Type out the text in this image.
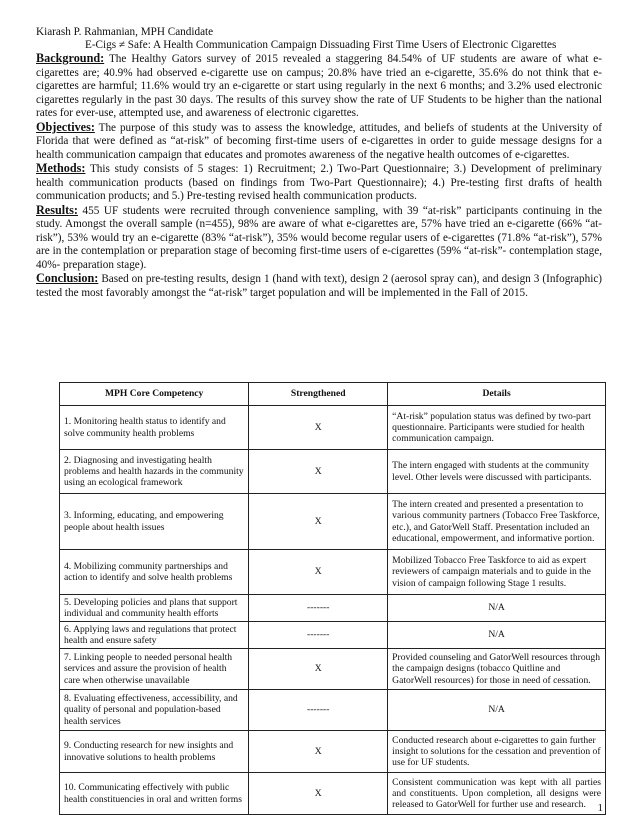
Kiarash P. Rahmanian, MPH Candidate
E-Cigs ≠ Safe: A Health Communication Campaign Dissuading First Time Users of Electronic Cigarettes

Background: The Healthy Gators survey of 2015 revealed a staggering 84.54% of UF students are aware of what e-cigarettes are; 40.9% had observed e-cigarette use on campus; 20.8% have tried an e-cigarette, 35.6% do not think that e-cigarettes are harmful; 11.6% would try an e-cigarette or start using regularly in the next 6 months; and 3.2% used electronic cigarettes regularly in the past 30 days. The results of this survey show the rate of UF Students to be higher than the national rates for ever-use, attempted use, and awareness of electronic cigarettes.

Objectives: The purpose of this study was to assess the knowledge, attitudes, and beliefs of students at the University of Florida that were defined as “at-risk” of becoming first-time users of e-cigarettes in order to guide message designs for a health communication campaign that educates and promotes awareness of the negative health outcomes of e-cigarettes.

Methods: This study consists of 5 stages: 1) Recruitment; 2.) Two-Part Questionnaire; 3.) Development of preliminary health communication products (based on findings from Two-Part Questionnaire); 4.) Pre-testing first drafts of health communication products; and 5.) Pre-testing revised health communication products.

Results: 455 UF students were recruited through convenience sampling, with 39 “at-risk” participants continuing in the study. Amongst the overall sample (n=455), 98% are aware of what e-cigarettes are, 57% have tried an e-cigarette (66% “at-risk”), 53% would try an e-cigarette (83% “at-risk”), 35% would become regular users of e-cigarettes (71.8% “at-risk”), 57% are in the contemplation or preparation stage of becoming first-time users of e-cigarettes (59% “at-risk”- contemplation stage, 40%- preparation stage).

Conclusion: Based on pre-testing results, design 1 (hand with text), design 2 (aerosol spray can), and design 3 (Infographic) tested the most favorably amongst the “at-risk” target population and will be implemented in the Fall of 2015.

MPH Core Competency	Strengthened	Details
1. Monitoring health status to identify and solve community health problems	X	“At-risk” population status was defined by two-part questionnaire. Participants were studied for health communication campaign.
2. Diagnosing and investigating health problems and health hazards in the community using an ecological framework	X	The intern engaged with students at the community level. Other levels were discussed with participants.
3. Informing, educating, and empowering people about health issues	X	The intern created and presented a presentation to various community partners (Tobacco Free Taskforce, etc.), and GatorWell Staff. Presentation included an educational, empowerment, and informative portion.
4. Mobilizing community partnerships and action to identify and solve health problems	X	Mobilized Tobacco Free Taskforce to aid as expert reviewers of campaign materials and to guide in the vision of campaign following Stage 1 results.
5. Developing policies and plans that support individual and community health efforts	-------	N/A
6. Applying laws and regulations that protect health and ensure safety	-------	N/A
7. Linking people to needed personal health services and assure the provision of health care when otherwise unavailable	X	Provided counseling and GatorWell resources through the campaign designs (tobacco Quitline and GatorWell resources) for those in need of cessation.
8. Evaluating effectiveness, accessibility, and quality of personal and population-based health services	-------	N/A
9. Conducting research for new insights and innovative solutions to health problems	X	Conducted research about e-cigarettes to gain further insight to solutions for the cessation and prevention of use for UF students.
10. Communicating effectively with public health constituencies in oral and written forms	X	Consistent communication was kept with all parties and constituents. Upon completion, all designs were released to GatorWell for further use and research. 1
